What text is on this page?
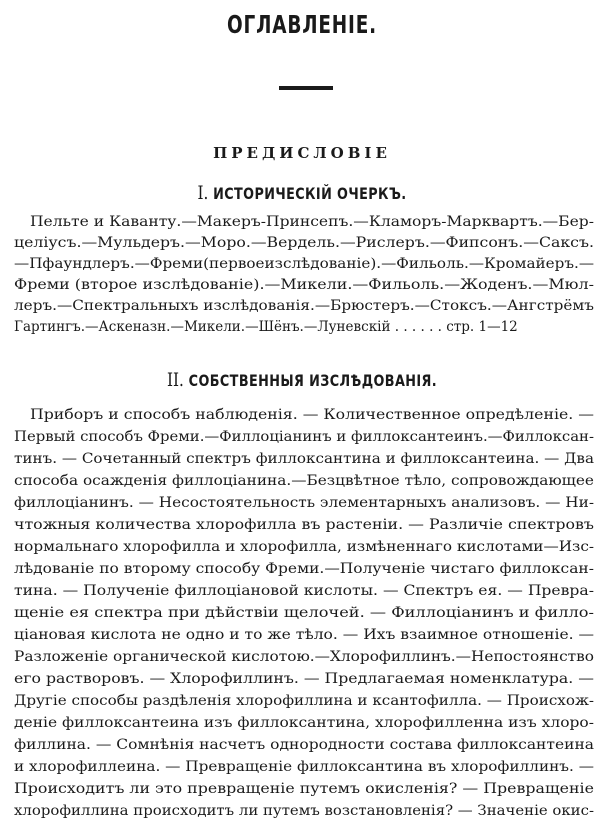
ОГЛАВЛЕНІЕ.
ПРЕДИСЛОВІЕ
I. ИСТОРИЧЕСКІЙ ОЧЕРКЪ.
Пельте и Каванту.—Макеръ-Принсепъ.—Кламоръ-Марквартъ.—Бер-
целіусъ.—Мульдеръ.—Моро.—Вердель.—Рислеръ.—Фипсонъ.—Саксъ.
—Пфаундлеръ.—Фреми(первоеизслѣдованіе).—Фильоль.—Кромайеръ.—
Фреми (второе изслѣдованіе).—Микели.—Фильоль.—Жоденъ.—Мюл-
леръ.—Спектральныхъ изслѣдованія.—Брюстеръ.—Стоксъ.—Ангстрёмъ
Гартингъ.—Аскеназн.—Микели.—Шёнъ.—Луневскій . . . . . . стр. 1—12
II. СОБСТВЕННЫЯ ИЗСЛѢДОВАНІЯ.
Приборъ и способъ наблюденія. — Количественное опредѣленіе. —
Первый способъ Фреми.—Филлоціанинъ и филлоксантеинъ.—Филлоксан-
тинъ. — Сочетанный спектръ филлоксантина и филлоксантеина. — Два
способа осажденія филлоціанина.—Безцвѣтное тѣло, сопровождающее
филлоціанинъ. — Несостоятельность элементарныхъ анализовъ. — Ни-
чтожныя количества хлорофилла въ растеніи. — Различіе спектровъ
нормальнаго хлорофилла и хлорофилла, измѣненнаго кислотами—Изс-
лѣдованіе по второму способу Фреми.—Полученіе чистаго филлоксан-
тина. — Полученіе филлоціановой кислоты. — Спектръ ея. — Превра-
щеніе ея спектра при дѣйствіи щелочей. — Филлоціанинъ и филло-
ціановая кислота не одно и то же тѣло. — Ихъ взаимное отношеніе. —
Разложеніе органической кислотою.—Хлорофиллинъ.—Непостоянство
его растворовъ. — Хлорофиллинъ. — Предлагаемая номенклатура. —
Другіе способы раздѣленія хлорофиллина и ксантофилла. — Происхож-
деніе филлоксантеина изъ филлоксантина, хлорофилленна изъ хлоро-
филлина. — Сомнѣнія насчетъ однородности состава филлоксантеина
и хлорофиллеина. — Превращеніе филлоксантина въ хлорофиллинъ. —
Происходитъ ли это превращеніе путемъ окисленія? — Превращеніе
хлорофиллина происходитъ ли путемъ возстановленія? — Значеніе окис-
